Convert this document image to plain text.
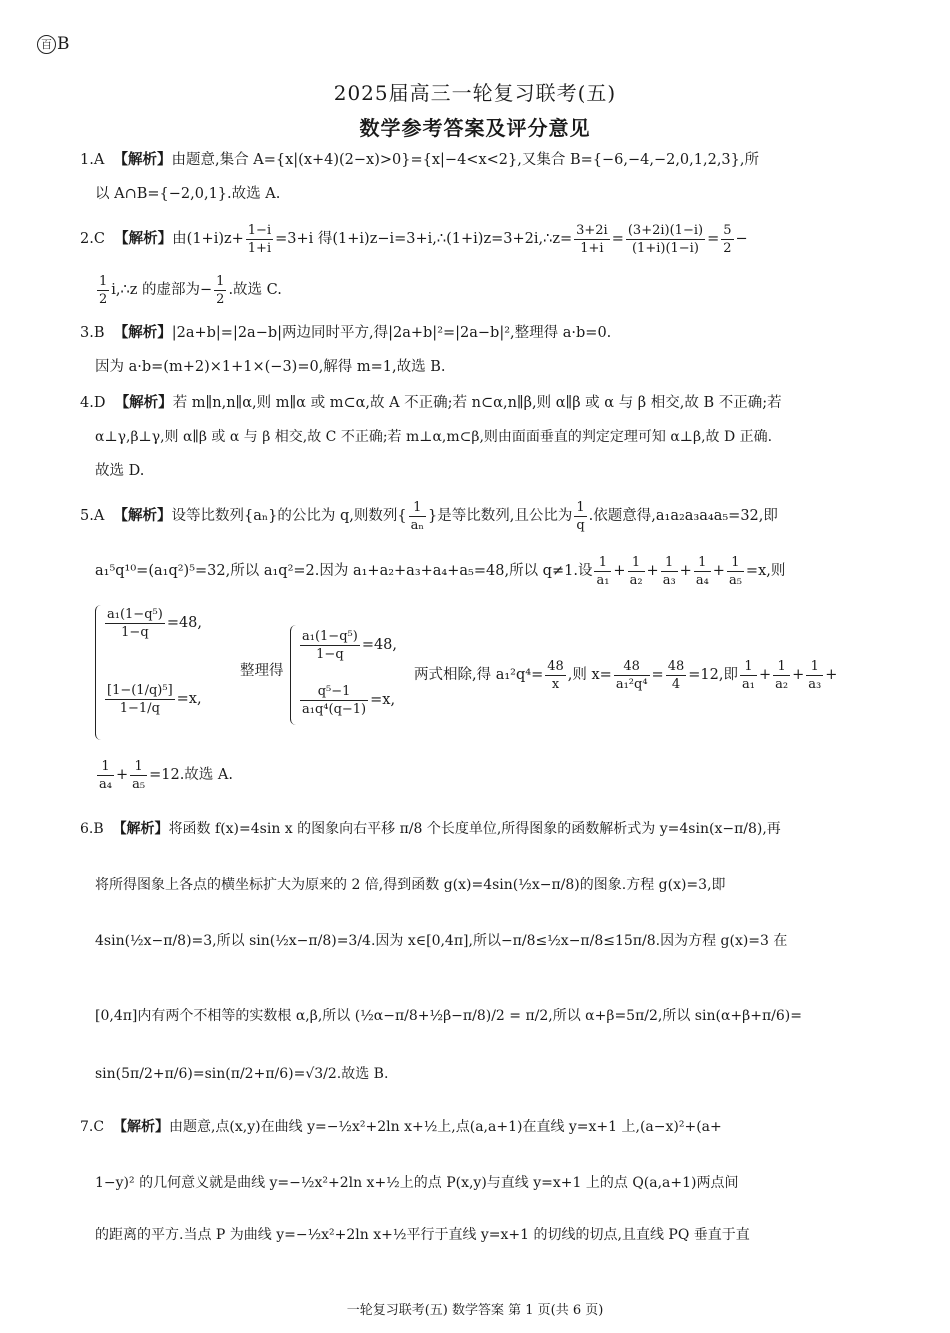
百 B
2025届高三一轮复习联考(五)
数学参考答案及评分意见
1.A 【解析】由题意,集合 A={x|(x+4)(2−x)>0}={x|−4<x<2},又集合 B={−6,−4,−2,0,1,2,3},所
以 A∩B={−2,0,1}.故选 A.
2.C 【解析】由$(1+i)z+ \frac{1-i}{1+i} =3+i$ 得(1+i)z−i=3+i,∴(1+i)z=3+2i,∴z= $\frac{3+2i}{1+i} = \frac{(3+2i)(1-i)}{(1+i)(1-i)} = \frac{5}{2}$ −
$\frac{1}{2}$ i,∴z 的虚部为− $\frac{1}{2}$ .故选 C.
3.B 【解析】|2a+b|=|2a−b|两边同时平方,得|2a+b|²=|2a−b|²,整理得 a·b=0.
因为 a·b=(m+2)×1+1×(−3)=0,解得 m=1,故选 B.
4.D 【解析】若 m∥n,n∥α,则 m∥α 或 m⊂α,故 A 不正确;若 n⊂α,n∥β,则 α∥β 或 α 与 β 相交,故 B 不正确;若
α⊥γ,β⊥γ,则 α∥β 或 α 与 β 相交,故 C 不正确;若 m⊥α,m⊂β,则由面面垂直的判定定理可知 α⊥β,故 D 正确.
故选 D.
5.A 【解析】设等比数列{aₙ}的公比为 q,则数列{ $\frac{1}{\text{aₙ}}$ }是等比数列,且公比为 $\frac{1}{q}$ .依题意得,a₁a₂a₃a₄a₅=32,即
a₁⁵q¹⁰=(a₁q²)⁵=32,所以 a₁q²=2.因为 a₁+a₂+a₃+a₄+a₅=48,所以 q≠1.设 $\frac{1}{\text{a₁}} + \frac{1}{\text{a₂}} + \frac{1}{\text{a₃}} + \frac{1}{\text{a₄}} + \frac{1}{\text{a₅}} =x$,则
$\frac{\text{a₁(1−q⁵)}}{1-q} =48$,
$\frac{\text{[1−(1/q)⁵]}}{1-1/q} =x$,
整理得
$\frac{\text{a₁(1−q⁵)}}{1-q} =48$,
$\frac{\text{q⁵−1}}{\text{a₁q⁴(q−1)}} =x$,
两式相除,得 $a_1^2q^4= \frac{48}{x}$ ,则 $x= \frac{48}{\text{a₁²q⁴}} = \frac{48}{4} =12$,即 $\frac{1}{\text{a₁}} + \frac{1}{\text{a₂}} + \frac{1}{\text{a₃}}$ +
$\frac{1}{\text{a₄}} + \frac{1}{\text{a₅}} =12$.故选 A.
6.B 【解析】将函数 f(x)=4sin x 的图象向右平移 π/8 个长度单位,所得图象的函数解析式为 y=4sin(x−π/8),再
将所得图象上各点的横坐标扩大为原来的 2 倍,得到函数 g(x)=4sin(½x−π/8)的图象.方程 g(x)=3,即
4sin(½x−π/8)=3,所以 sin(½x−π/8)=3/4.因为 x∈[0,4π],所以−π/8≤½x−π/8≤15π/8.因为方程 g(x)=3 在
[0,4π]内有两个不相等的实数根 α,β,所以 (½α−π/8+½β−π/8)/2 = π/2,所以 α+β=5π/2,所以 sin(α+β+π/6)=
sin(5π/2+π/6)=sin(π/2+π/6)=√3/2.故选 B.
7.C 【解析】由题意,点(x,y)在曲线 y=−½x²+2ln x+½上,点(a,a+1)在直线 y=x+1 上,(a−x)²+(a+
1−y)² 的几何意义就是曲线 y=−½x²+2ln x+½上的点 P(x,y)与直线 y=x+1 上的点 Q(a,a+1)两点间
的距离的平方.当点 P 为曲线 y=−½x²+2ln x+½平行于直线 y=x+1 的切线的切点,且直线 PQ 垂直于直
一轮复习联考(五) 数学答案 第 1 页(共 6 页)
